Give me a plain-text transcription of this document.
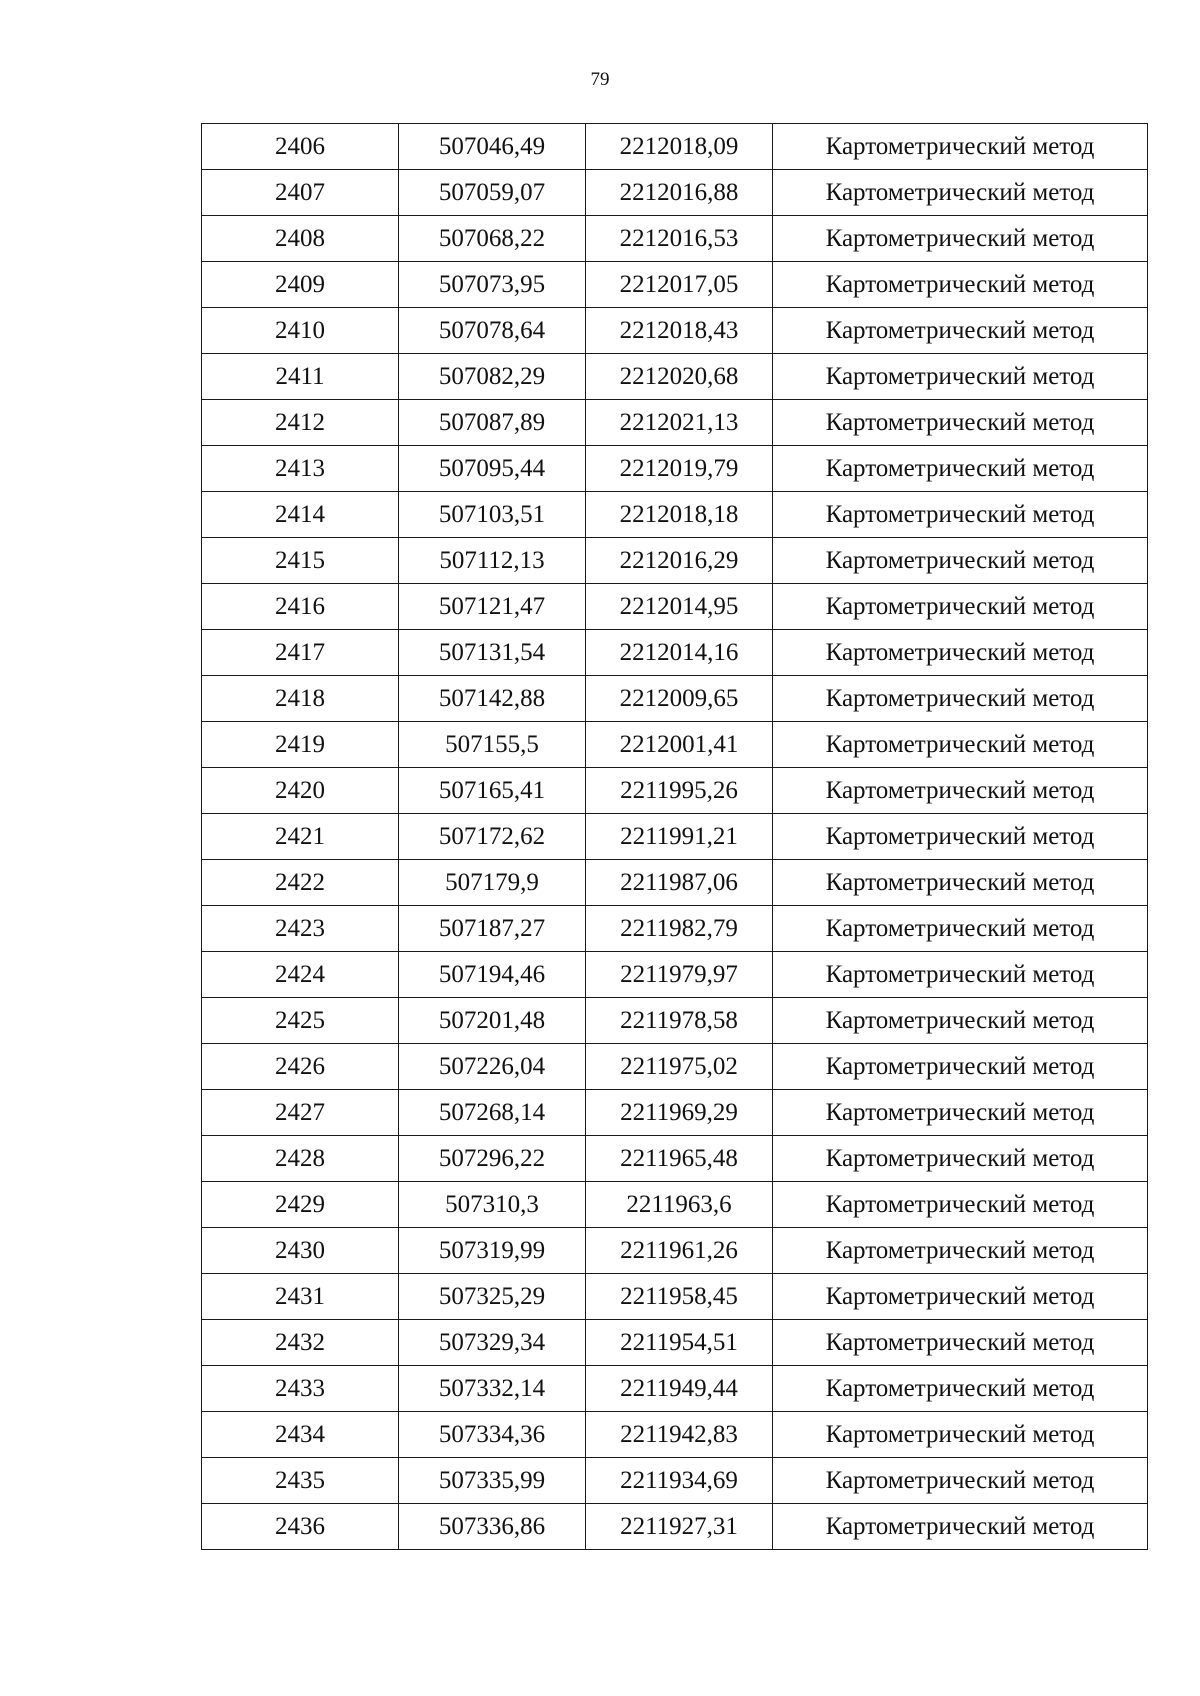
79
2406	507046,49	2212018,09	Картометрический метод
2407	507059,07	2212016,88	Картометрический метод
2408	507068,22	2212016,53	Картометрический метод
2409	507073,95	2212017,05	Картометрический метод
2410	507078,64	2212018,43	Картометрический метод
2411	507082,29	2212020,68	Картометрический метод
2412	507087,89	2212021,13	Картометрический метод
2413	507095,44	2212019,79	Картометрический метод
2414	507103,51	2212018,18	Картометрический метод
2415	507112,13	2212016,29	Картометрический метод
2416	507121,47	2212014,95	Картометрический метод
2417	507131,54	2212014,16	Картометрический метод
2418	507142,88	2212009,65	Картометрический метод
2419	507155,5	2212001,41	Картометрический метод
2420	507165,41	2211995,26	Картометрический метод
2421	507172,62	2211991,21	Картометрический метод
2422	507179,9	2211987,06	Картометрический метод
2423	507187,27	2211982,79	Картометрический метод
2424	507194,46	2211979,97	Картометрический метод
2425	507201,48	2211978,58	Картометрический метод
2426	507226,04	2211975,02	Картометрический метод
2427	507268,14	2211969,29	Картометрический метод
2428	507296,22	2211965,48	Картометрический метод
2429	507310,3	2211963,6	Картометрический метод
2430	507319,99	2211961,26	Картометрический метод
2431	507325,29	2211958,45	Картометрический метод
2432	507329,34	2211954,51	Картометрический метод
2433	507332,14	2211949,44	Картометрический метод
2434	507334,36	2211942,83	Картометрический метод
2435	507335,99	2211934,69	Картометрический метод
2436	507336,86	2211927,31	Картометрический метод
